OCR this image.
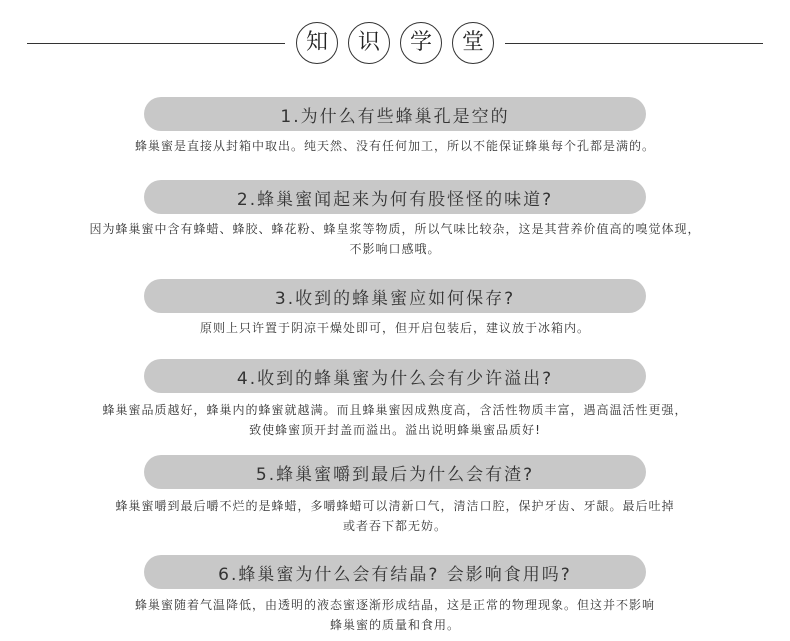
知	识	学	堂
1.为什么有些蜂巢孔是空的
蜂巢蜜是直接从封箱中取出。纯天然、没有任何加工，所以不能保证蜂巢每个孔都是满的。
2.蜂巢蜜闻起来为何有股怪怪的味道?
因为蜂巢蜜中含有蜂蜡、蜂胶、蜂花粉、蜂皇浆等物质，所以气味比较杂，这是其营养价值高的嗅觉体现，
不影响口感哦。
3.收到的蜂巢蜜应如何保存?
原则上只许置于阴凉干燥处即可，但开启包装后，建议放于冰箱内。
4.收到的蜂巢蜜为什么会有少许溢出?
蜂巢蜜品质越好，蜂巢内的蜂蜜就越满。而且蜂巢蜜因成熟度高，含活性物质丰富，遇高温活性更强，
致使蜂蜜顶开封盖而溢出。溢出说明蜂巢蜜品质好!
5.蜂巢蜜嚼到最后为什么会有渣?
蜂巢蜜嚼到最后嚼不烂的是蜂蜡，多嚼蜂蜡可以清新口气，清洁口腔，保护牙齿、牙龈。最后吐掉
或者吞下都无妨。
6.蜂巢蜜为什么会有结晶? 会影响食用吗?
蜂巢蜜随着气温降低，由透明的液态蜜逐渐形成结晶，这是正常的物理现象。但这并不影响
蜂巢蜜的质量和食用。
